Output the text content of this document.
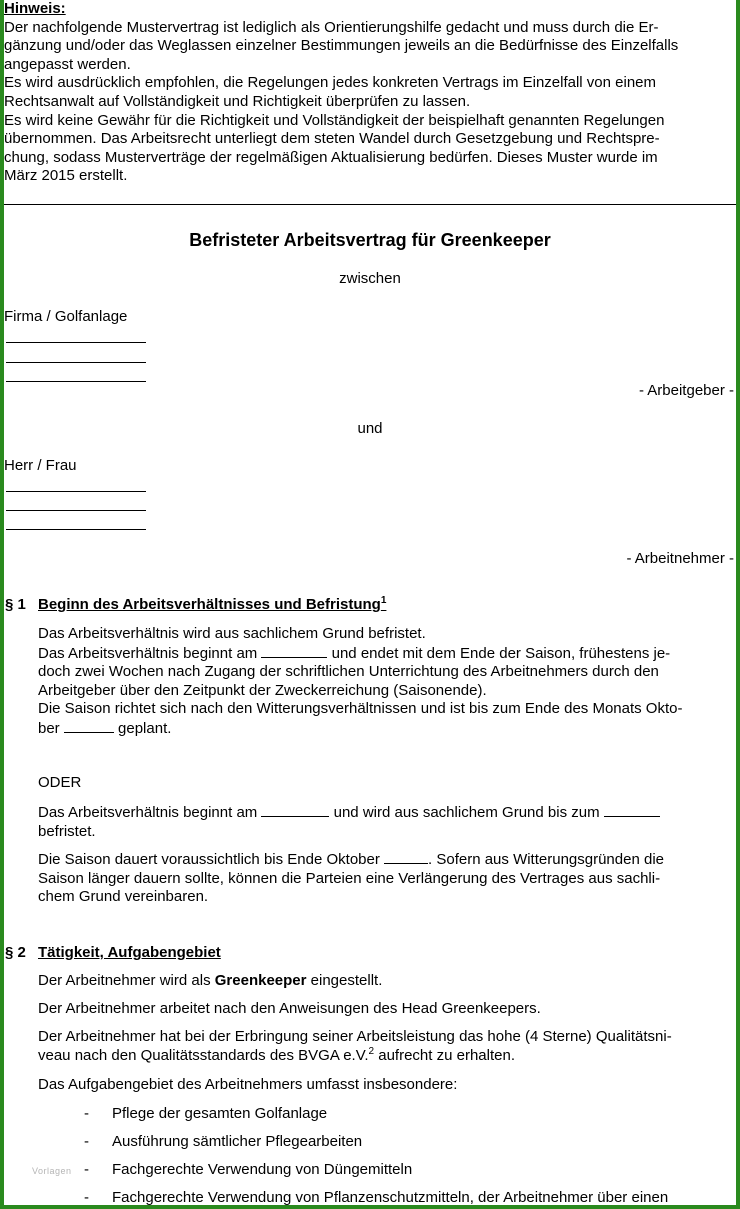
Hinweis:

Der nachfolgende Mustervertrag ist lediglich als Orientierungshilfe gedacht und muss durch die Er-

gänzung und/oder das Weglassen einzelner Bestimmungen jeweils an die Bedürfnisse des Einzelfalls

angepasst werden.

Es wird ausdrücklich empfohlen, die Regelungen jedes konkreten Vertrags im Einzelfall von einem

Rechtsanwalt auf Vollständigkeit und Richtigkeit überprüfen zu lassen.

Es wird keine Gewähr für die Richtigkeit und Vollständigkeit der beispielhaft genannten Regelungen

übernommen. Das Arbeitsrecht unterliegt dem steten Wandel durch Gesetzgebung und Rechtspre-

chung, sodass Musterverträge der regelmäßigen Aktualisierung bedürfen. Dieses Muster wurde im

März 2015 erstellt.

Befristeter Arbeitsvertrag für Greenkeeper
zwischen
Firma / Golfanlage
- Arbeitgeber -
und
Herr / Frau
- Arbeitnehmer -
§ 1 Beginn des Arbeitsverhältnisses und Befristung$^1$
Das Arbeitsverhältnis wird aus sachlichem Grund befristet.
Das Arbeitsverhältnis beginnt am	und endet mit dem Ende der Saison, frühestens je-
doch zwei Wochen nach Zugang der schriftlichen Unterrichtung des Arbeitnehmers durch den
Arbeitgeber über den Zeitpunkt der Zweckerreichung (Saisonende).
Die Saison richtet sich nach den Witterungsverhältnissen und ist bis zum Ende des Monats Okto-
ber	geplant.
ODER
Das Arbeitsverhältnis beginnt am	und wird aus sachlichem Grund bis zum
befristet.
Die Saison dauert voraussichtlich bis Ende Oktober	. Sofern aus Witterungsgründen die
Saison länger dauern sollte, können die Parteien eine Verlängerung des Vertrages aus sachli-
chem Grund vereinbaren.
§ 2 Tätigkeit, Aufgabengebiet
Der Arbeitnehmer wird als Greenkeeper eingestellt.
Der Arbeitnehmer arbeitet nach den Anweisungen des Head Greenkeepers.
Der Arbeitnehmer hat bei der Erbringung seiner Arbeitsleistung das hohe (4 Sterne) Qualitätsni-
veau nach den Qualitätsstandards des BVGA e.V.$^2$ aufrecht zu erhalten.
Das Aufgabengebiet des Arbeitnehmers umfasst insbesondere:
- Pflege der gesamten Golfanlage
- Ausführung sämtlicher Pflegearbeiten
- Fachgerechte Verwendung von Düngemitteln
- Fachgerechte Verwendung von Pflanzenschutzmitteln, der Arbeitnehmer über einen
Vorlagen
